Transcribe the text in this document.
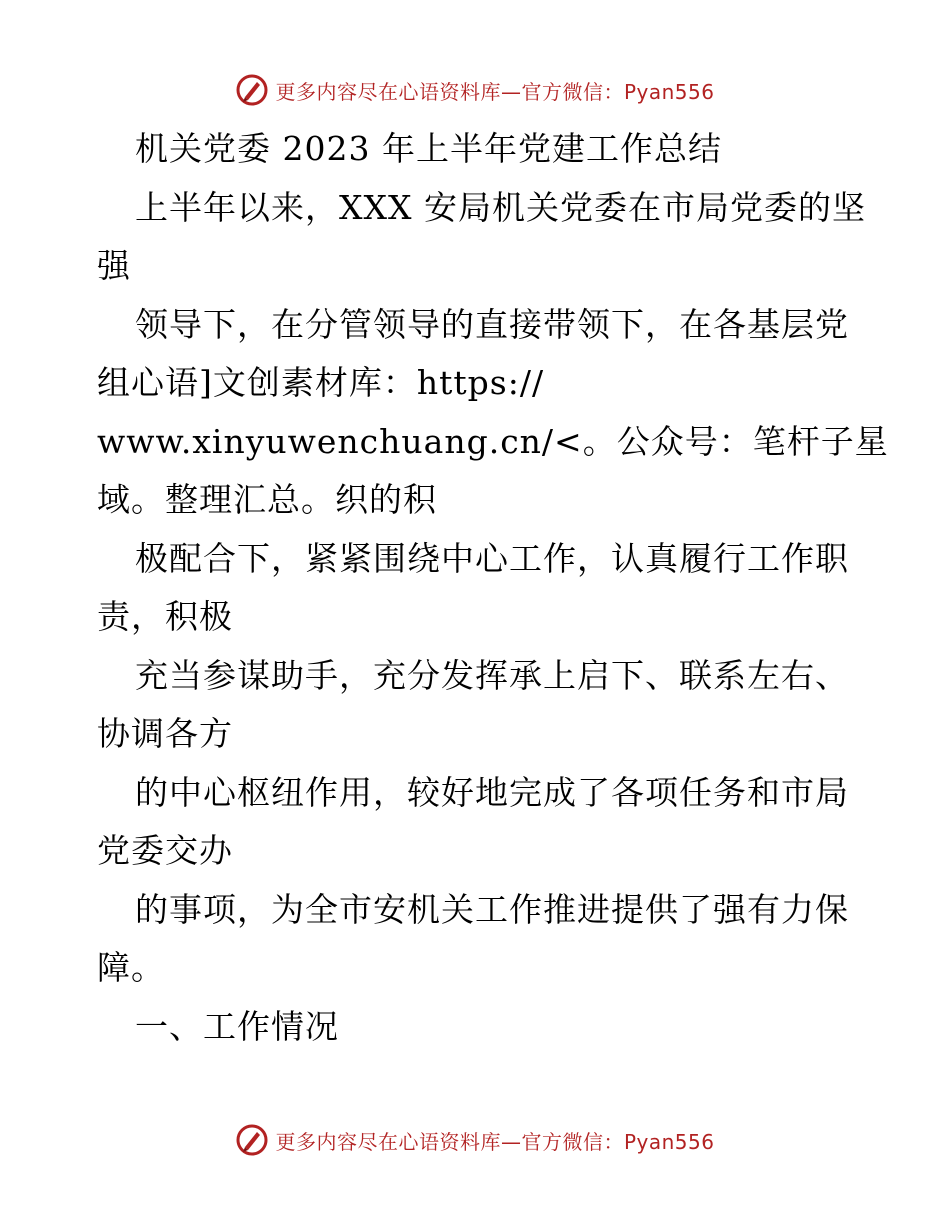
更多内容尽在心语资料库—官方微信：Pyan556
机关党委 2023 年上半年党建工作总结
上半年以来，XXX 安局机关党委在市局党委的坚
强
领导下，在分管领导的直接带领下，在各基层党
组心语]文创素材库：https://
www.xinyuwenchuang.cn/<。公众号：笔杆子星
域。整理汇总。织的积
极配合下，紧紧围绕中心工作，认真履行工作职
责，积极
充当参谋助手，充分发挥承上启下、联系左右、
协调各方
的中心枢纽作用，较好地完成了各项任务和市局
党委交办
的事项，为全市安机关工作推进提供了强有力保
障。
一、工作情况
更多内容尽在心语资料库—官方微信：Pyan556
